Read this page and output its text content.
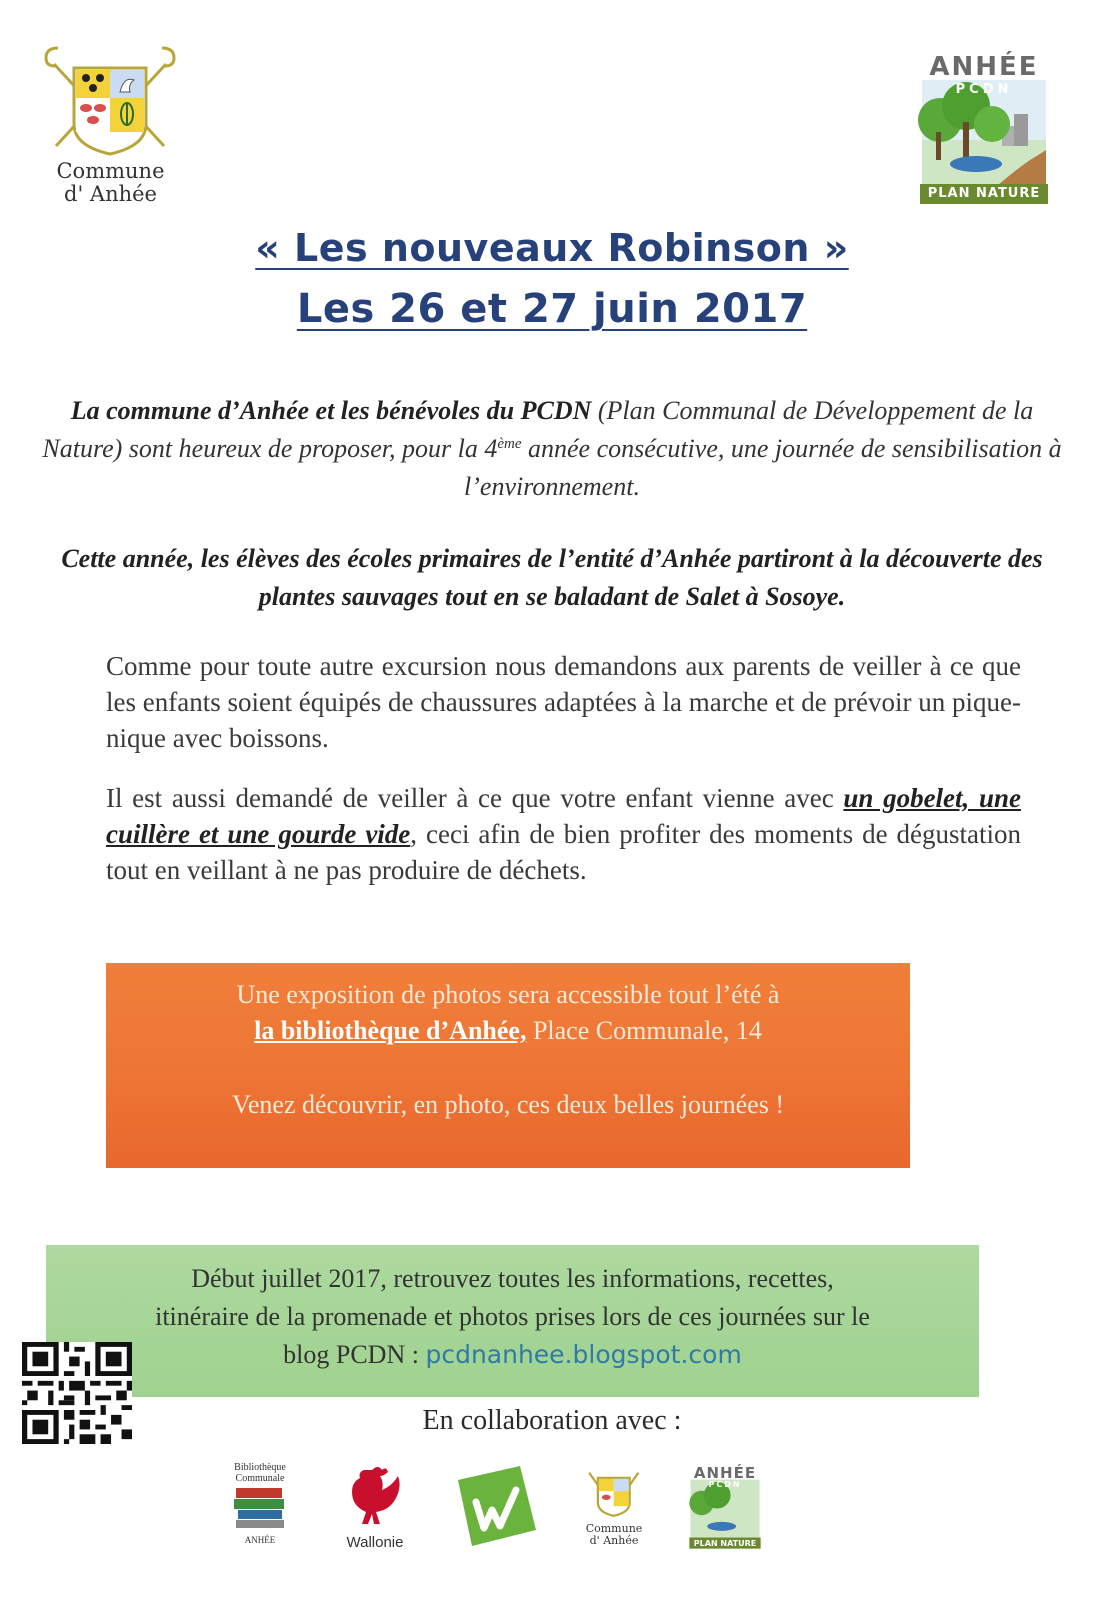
Commune
d' Anhée
ANHÉE
PCDN
PLAN NATURE
« Les nouveaux Robinson »
Les 26 et 27 juin 2017
La commune d’Anhée et les bénévoles du PCDN (Plan Communal de Développement de la Nature) sont heureux de proposer, pour la 4ème année consécutive, une journée de sensibilisation à l’environnement.
Cette année, les élèves des écoles primaires de l’entité d’Anhée partiront à la découverte des plantes sauvages tout en se baladant de Salet à Sosoye.
Comme pour toute autre excursion nous demandons aux parents de veiller à ce que les enfants soient équipés de chaussures adaptées à la marche et de prévoir un pique-nique avec boissons.
Il est aussi demandé de veiller à ce que votre enfant vienne avec un gobelet, une cuillère et une gourde vide, ceci afin de bien profiter des moments de dégustation tout en veillant à ne pas produire de déchets.
Une exposition de photos sera accessible tout l’été à
la bibliothèque d’Anhée, Place Communale, 14
Venez découvrir, en photo, ces deux belles journées !
Début juillet 2017, retrouvez toutes les informations, recettes,
itinéraire de la promenade et photos prises lors de ces journées sur le
blog PCDN : pcdnanhee.blogspot.com
En collaboration avec :
Bibliothèque
Communale
ANHÉE	Wallonie
Commune
d' Anhée
ANHÉE
PCDN
PLAN NATURE
